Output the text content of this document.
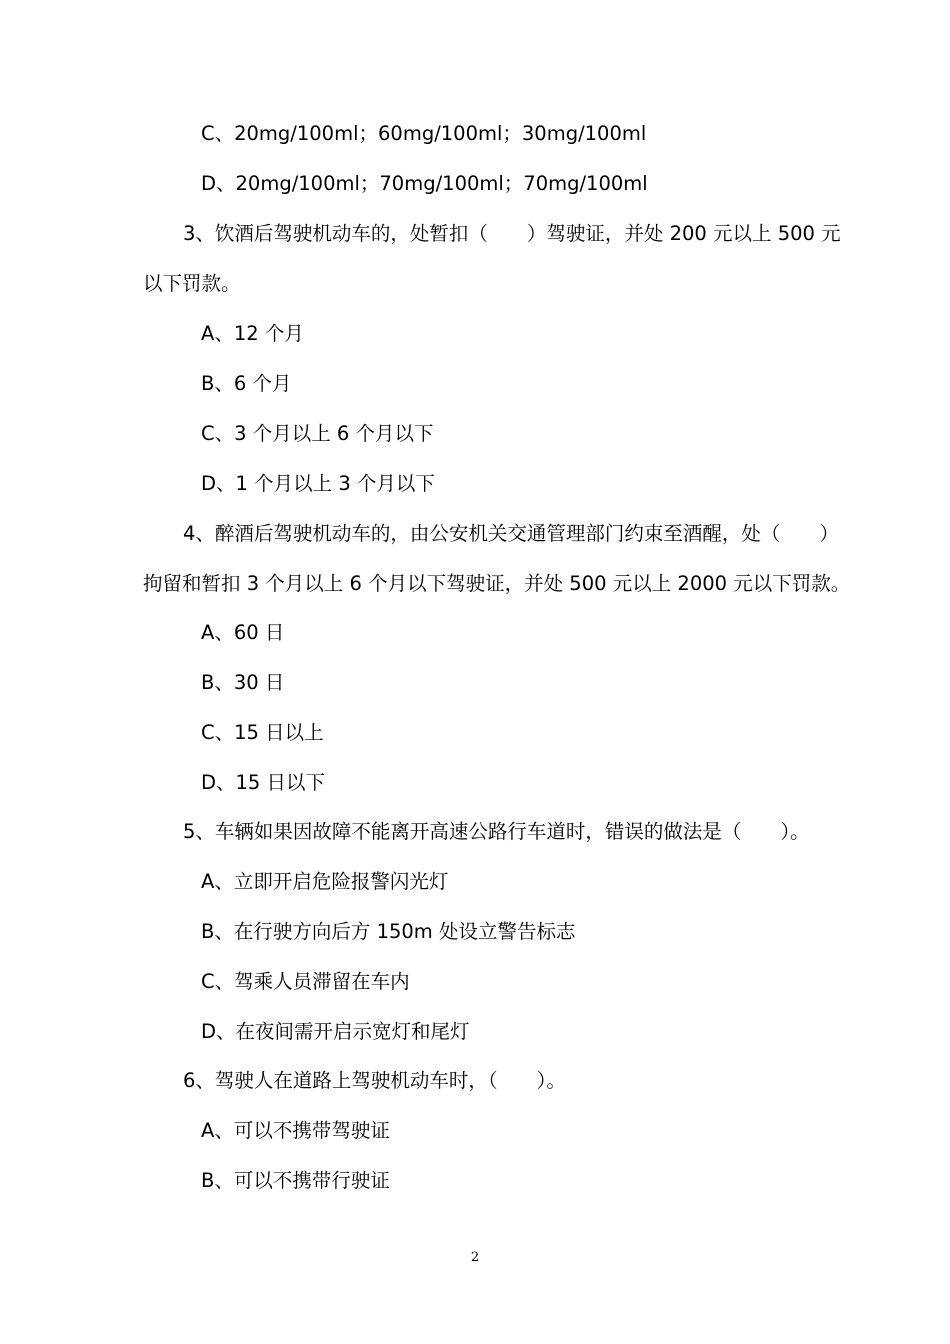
C、20mg/100ml；60mg/100ml；30mg/100ml
D、20mg/100ml；70mg/100ml；70mg/100ml
3、饮酒后驾驶机动车的，处暂扣（　　）驾驶证，并处 200 元以上 500 元
以下罚款。
A、12 个月
B、6 个月
C、3 个月以上 6 个月以下
D、1 个月以上 3 个月以下
4、醉酒后驾驶机动车的，由公安机关交通管理部门约束至酒醒，处（　　）
拘留和暂扣 3 个月以上 6 个月以下驾驶证，并处 500 元以上 2000 元以下罚款。
A、60 日
B、30 日
C、15 日以上
D、15 日以下
5、车辆如果因故障不能离开高速公路行车道时，错误的做法是（　　）。
A、立即开启危险报警闪光灯
B、在行驶方向后方 150m 处设立警告标志
C、驾乘人员滞留在车内
D、在夜间需开启示宽灯和尾灯
6、驾驶人在道路上驾驶机动车时，（　　）。
A、可以不携带驾驶证
B、可以不携带行驶证
2
